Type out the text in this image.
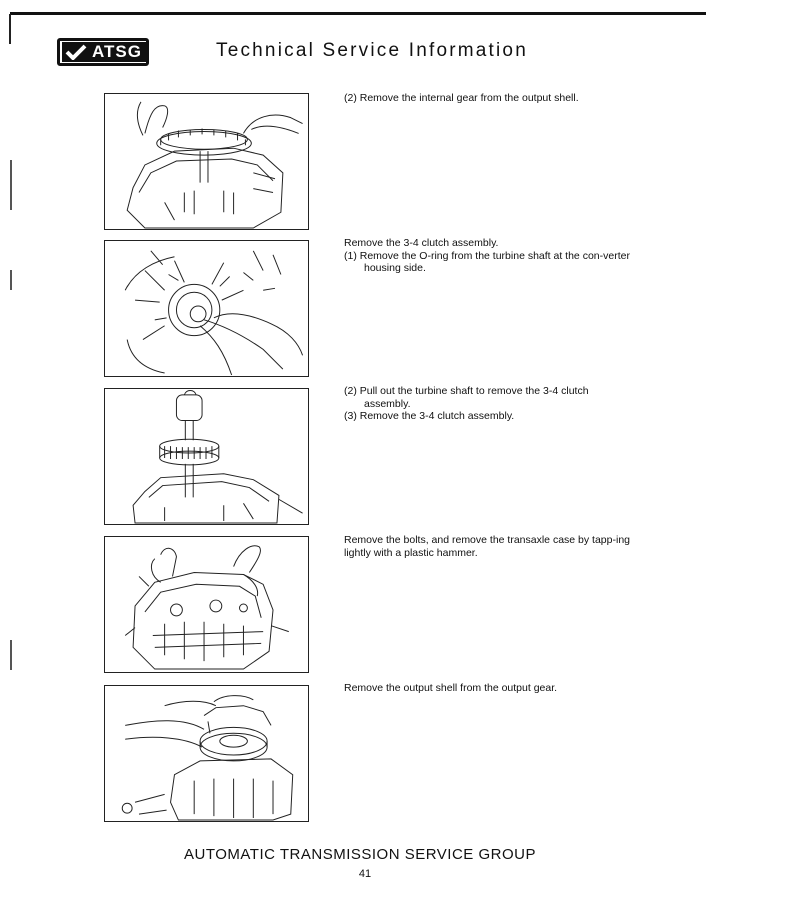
ATSG	Technical Service Information

(2) Remove the internal gear from the output shell.

Remove the 3-4 clutch assembly.

(1) Remove the O-ring from the turbine shaft at the con-verter housing side.

(2) Pull out the turbine shaft to remove the 3-4 clutch assembly.

(3) Remove the 3-4 clutch assembly.

Remove the bolts, and remove the transaxle case by tapp-ing lightly with a plastic hammer.

Remove the output shell from the output gear.

AUTOMATIC TRANSMISSION SERVICE GROUP
41
